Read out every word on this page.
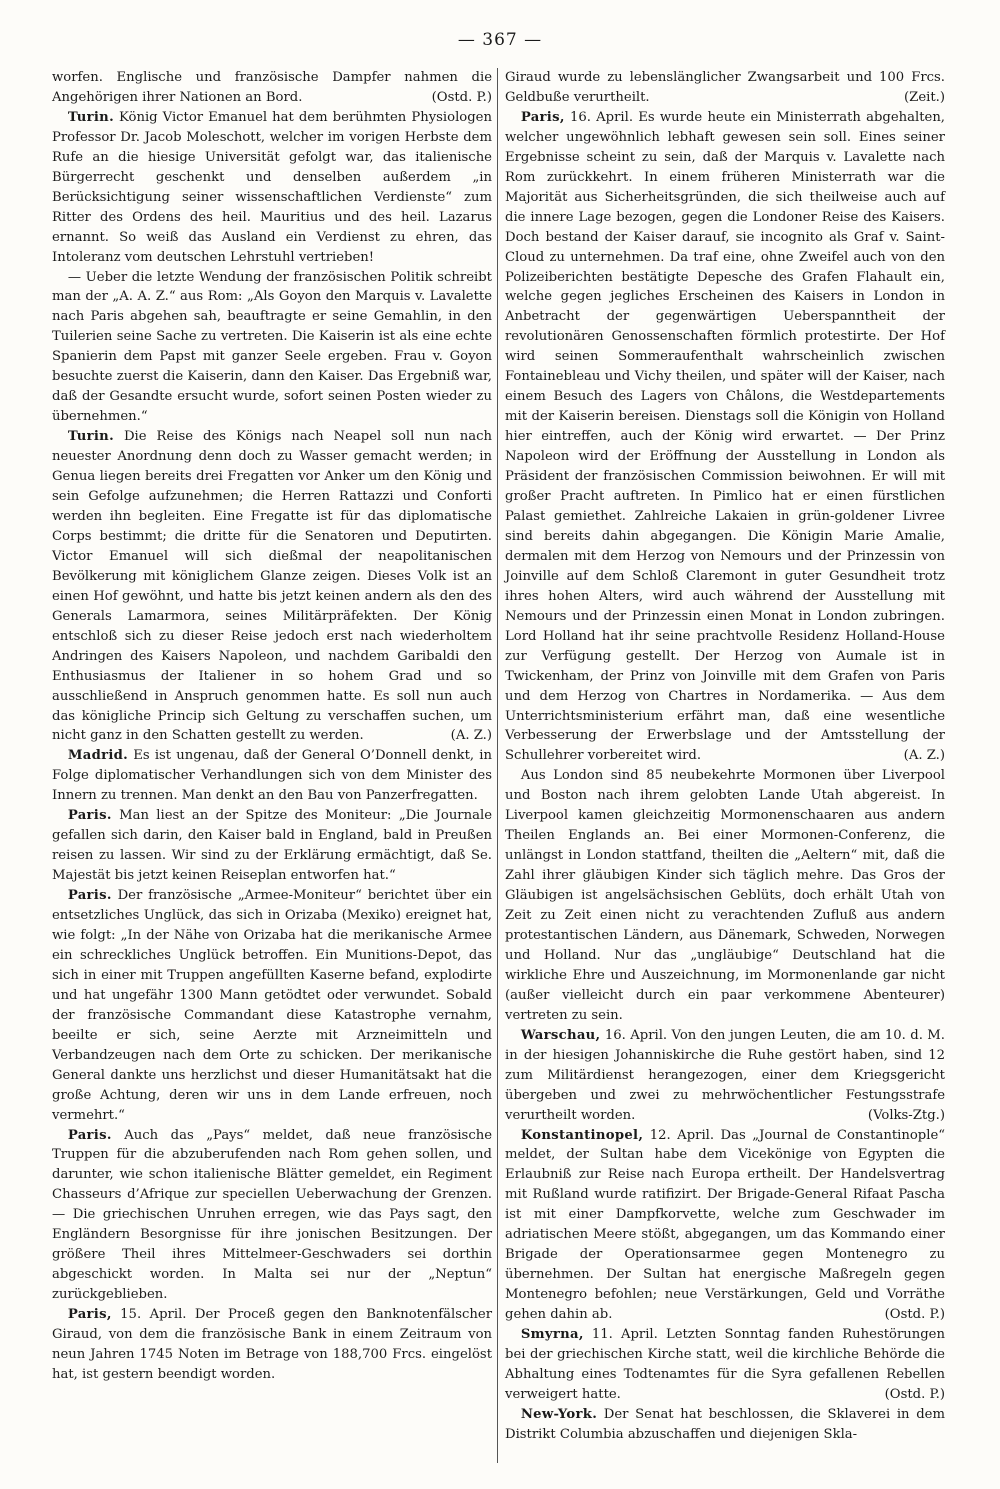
— 367 —

worfen. Englische und französische Dampfer nahmen die Angehörigen ihrer Nationen an Bord.	(Ostd. P.)

Turin. König Victor Emanuel hat dem berühmten Physiologen Professor Dr. Jacob Moleschott, welcher im vorigen Herbste dem Rufe an die hiesige Universität gefolgt war, das italienische Bürgerrecht geschenkt und denselben außerdem „in Berücksichtigung seiner wissenschaftlichen Verdienste“ zum Ritter des Ordens des heil. Mauritius und des heil. Lazarus ernannt. So weiß das Ausland ein Verdienst zu ehren, das Intoleranz vom deutschen Lehrstuhl vertrieben!

— Ueber die letzte Wendung der französischen Politik schreibt man der „A. A. Z.“ aus Rom: „Als Goyon den Marquis v. Lavalette nach Paris abgehen sah, beauftragte er seine Gemahlin, in den Tuilerien seine Sache zu vertreten. Die Kaiserin ist als eine echte Spanierin dem Papst mit ganzer Seele ergeben. Frau v. Goyon besuchte zuerst die Kaiserin, dann den Kaiser. Das Ergebniß war, daß der Gesandte ersucht wurde, sofort seinen Posten wieder zu übernehmen.“

Turin. Die Reise des Königs nach Neapel soll nun nach neuester Anordnung denn doch zu Wasser gemacht werden; in Genua liegen bereits drei Fregatten vor Anker um den König und sein Gefolge aufzunehmen; die Herren Rattazzi und Conforti werden ihn begleiten. Eine Fregatte ist für das diplomatische Corps bestimmt; die dritte für die Senatoren und Deputirten. Victor Emanuel will sich dießmal der neapolitanischen Bevölkerung mit königlichem Glanze zeigen. Dieses Volk ist an einen Hof gewöhnt, und hatte bis jetzt keinen andern als den des Generals Lamarmora, seines Militärpräfekten. Der König entschloß sich zu dieser Reise jedoch erst nach wiederholtem Andringen des Kaisers Napoleon, und nachdem Garibaldi den Enthusiasmus der Italiener in so hohem Grad und so ausschließend in Anspruch genommen hatte. Es soll nun auch das königliche Princip sich Geltung zu verschaffen suchen, um nicht ganz in den Schatten gestellt zu werden.	(A. Z.)

Madrid. Es ist ungenau, daß der General O’Donnell denkt, in Folge diplomatischer Verhandlungen sich von dem Minister des Innern zu trennen. Man denkt an den Bau von Panzerfregatten.

Paris. Man liest an der Spitze des Moniteur: „Die Journale gefallen sich darin, den Kaiser bald in England, bald in Preußen reisen zu lassen. Wir sind zu der Erklärung ermächtigt, daß Se. Majestät bis jetzt keinen Reiseplan entworfen hat.“

Paris. Der französische „Armee-Moniteur“ berichtet über ein entsetzliches Unglück, das sich in Orizaba (Mexiko) ereignet hat, wie folgt: „In der Nähe von Orizaba hat die merikanische Armee ein schreckliches Unglück betroffen. Ein Munitions-Depot, das sich in einer mit Truppen angefüllten Kaserne befand, explodirte und hat ungefähr 1300 Mann getödtet oder verwundet. Sobald der französische Commandant diese Katastrophe vernahm, beeilte er sich, seine Aerzte mit Arzneimitteln und Verbandzeugen nach dem Orte zu schicken. Der merikanische General dankte uns herzlichst und dieser Humanitätsakt hat die große Achtung, deren wir uns in dem Lande erfreuen, noch vermehrt.“

Paris. Auch das „Pays“ meldet, daß neue französische Truppen für die abzuberufenden nach Rom gehen sollen, und darunter, wie schon italienische Blätter gemeldet, ein Regiment Chasseurs d’Afrique zur speciellen Ueberwachung der Grenzen. — Die griechischen Unruhen erregen, wie das Pays sagt, den Engländern Besorgnisse für ihre jonischen Besitzungen. Der größere Theil ihres Mittelmeer-Geschwaders sei dorthin abgeschickt worden. In Malta sei nur der „Neptun“ zurückgeblieben.

Paris, 15. April. Der Proceß gegen den Banknotenfälscher Giraud, von dem die französische Bank in einem Zeitraum von neun Jahren 1745 Noten im Betrage von 188,700 Frcs. eingelöst hat, ist gestern beendigt worden.

Giraud wurde zu lebenslänglicher Zwangsarbeit und 100 Frcs. Geldbuße verurtheilt.	(Zeit.)

Paris, 16. April. Es wurde heute ein Ministerrath abgehalten, welcher ungewöhnlich lebhaft gewesen sein soll. Eines seiner Ergebnisse scheint zu sein, daß der Marquis v. Lavalette nach Rom zurückkehrt. In einem früheren Ministerrath war die Majorität aus Sicherheitsgründen, die sich theilweise auch auf die innere Lage bezogen, gegen die Londoner Reise des Kaisers. Doch bestand der Kaiser darauf, sie incognito als Graf v. Saint-Cloud zu unternehmen. Da traf eine, ohne Zweifel auch von den Polizeiberichten bestätigte Depesche des Grafen Flahault ein, welche gegen jegliches Erscheinen des Kaisers in London in Anbetracht der gegenwärtigen Ueberspanntheit der revolutionären Genossenschaften förmlich protestirte. Der Hof wird seinen Sommeraufenthalt wahrscheinlich zwischen Fontainebleau und Vichy theilen, und später will der Kaiser, nach einem Besuch des Lagers von Châlons, die Westdepartements mit der Kaiserin bereisen. Dienstags soll die Königin von Holland hier eintreffen, auch der König wird erwartet. — Der Prinz Napoleon wird der Eröffnung der Ausstellung in London als Präsident der französischen Commission beiwohnen. Er will mit großer Pracht auftreten. In Pimlico hat er einen fürstlichen Palast gemiethet. Zahlreiche Lakaien in grün-goldener Livree sind bereits dahin abgegangen. Die Königin Marie Amalie, dermalen mit dem Herzog von Nemours und der Prinzessin von Joinville auf dem Schloß Claremont in guter Gesundheit trotz ihres hohen Alters, wird auch während der Ausstellung mit Nemours und der Prinzessin einen Monat in London zubringen. Lord Holland hat ihr seine prachtvolle Residenz Holland-House zur Verfügung gestellt. Der Herzog von Aumale ist in Twickenham, der Prinz von Joinville mit dem Grafen von Paris und dem Herzog von Chartres in Nordamerika. — Aus dem Unterrichtsministerium erfährt man, daß eine wesentliche Verbesserung der Erwerbslage und der Amtsstellung der Schullehrer vorbereitet wird.	(A. Z.)

Aus London sind 85 neubekehrte Mormonen über Liverpool und Boston nach ihrem gelobten Lande Utah abgereist. In Liverpool kamen gleichzeitig Mormonenschaaren aus andern Theilen Englands an. Bei einer Mormonen-Conferenz, die unlängst in London stattfand, theilten die „Aeltern“ mit, daß die Zahl ihrer gläubigen Kinder sich täglich mehre. Das Gros der Gläubigen ist angelsächsischen Geblüts, doch erhält Utah von Zeit zu Zeit einen nicht zu verachtenden Zufluß aus andern protestantischen Ländern, aus Dänemark, Schweden, Norwegen und Holland. Nur das „ungläubige“ Deutschland hat die wirkliche Ehre und Auszeichnung, im Mormonenlande gar nicht (außer vielleicht durch ein paar verkommene Abenteurer) vertreten zu sein.

Warschau, 16. April. Von den jungen Leuten, die am 10. d. M. in der hiesigen Johanniskirche die Ruhe gestört haben, sind 12 zum Militärdienst herangezogen, einer dem Kriegsgericht übergeben und zwei zu mehrwöchentlicher Festungsstrafe verurtheilt worden.	(Volks-Ztg.)

Konstantinopel, 12. April. Das „Journal de Constantinople“ meldet, der Sultan habe dem Vicekönige von Egypten die Erlaubniß zur Reise nach Europa ertheilt. Der Handelsvertrag mit Rußland wurde ratifizirt. Der Brigade-General Rifaat Pascha ist mit einer Dampfkorvette, welche zum Geschwader im adriatischen Meere stößt, abgegangen, um das Kommando einer Brigade der Operationsarmee gegen Montenegro zu übernehmen. Der Sultan hat energische Maßregeln gegen Montenegro befohlen; neue Verstärkungen, Geld und Vorräthe gehen dahin ab.	(Ostd. P.)

Smyrna, 11. April. Letzten Sonntag fanden Ruhestörungen bei der griechischen Kirche statt, weil die kirchliche Behörde die Abhaltung eines Todtenamtes für die Syra gefallenen Rebellen verweigert hatte.	(Ostd. P.)

New-York. Der Senat hat beschlossen, die Sklaverei in dem Distrikt Columbia abzuschaffen und diejenigen Skla-
